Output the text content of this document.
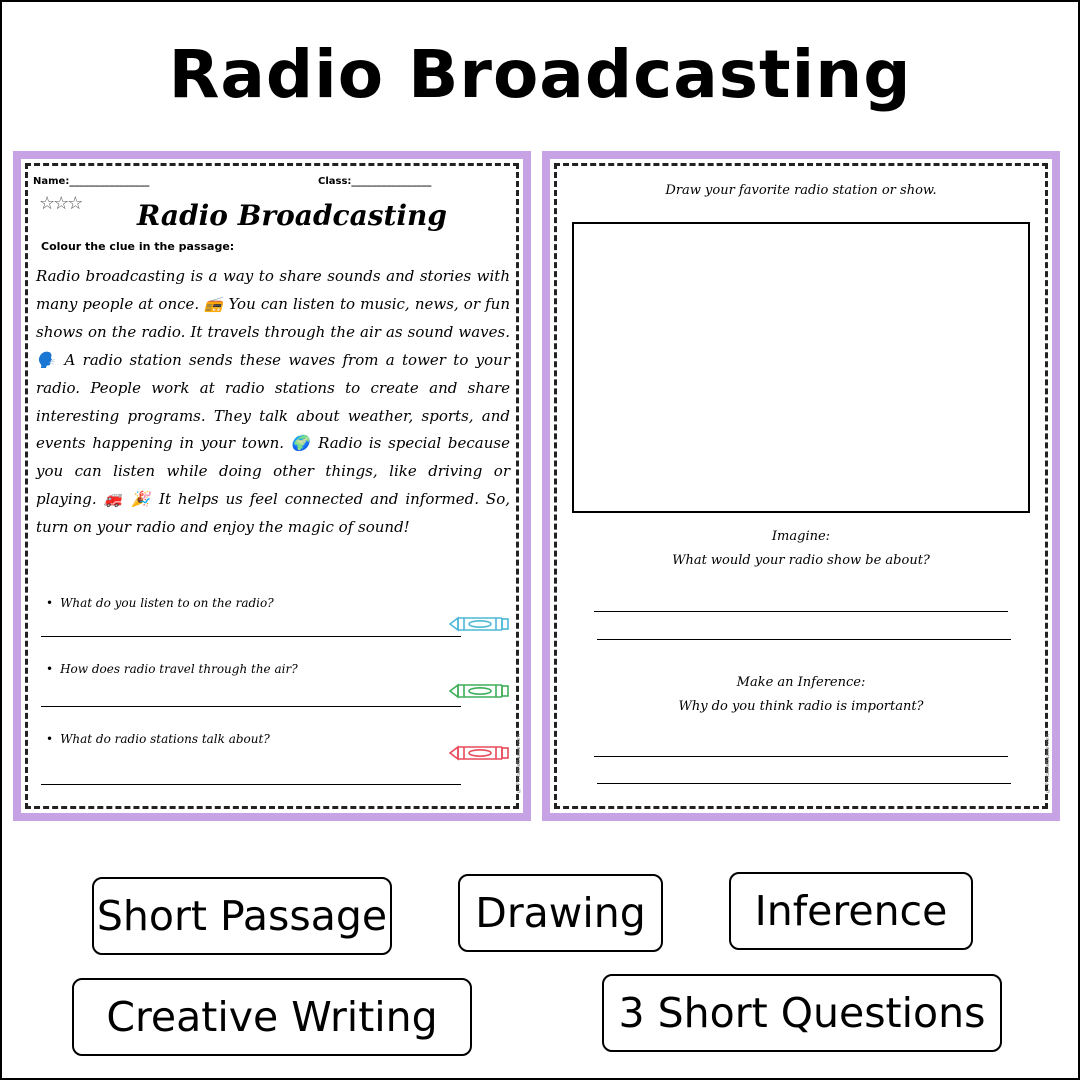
Radio Broadcasting
Name:________________	Class:________________
☆☆☆	Radio Broadcasting
Colour the clue in the passage:
Radio broadcasting is a way to share sounds and stories with many people at once. 📻 You can listen to music, news, or fun shows on the radio. It travels through the air as sound waves. 🗣️ A radio station sends these waves from a tower to your radio. People work at radio stations to create and share interesting programs. They talk about weather, sports, and events happening in your town. 🌍 Radio is special because you can listen while doing other things, like driving or playing. 🚒 🎉 It helps us feel connected and informed. So, turn on your radio and enjoy the magic of sound!
• What do you listen to on the radio?
• How does radio travel through the air?
• What do radio stations talk about?	© PrintableBazaar.com
Draw your favorite radio station or show.
Imagine:
What would your radio show be about?
Make an Inference:
Why do you think radio is important?
© PrintableBazaar.com
Short Passage	Drawing	Inference
Creative Writing	3 Short Questions
